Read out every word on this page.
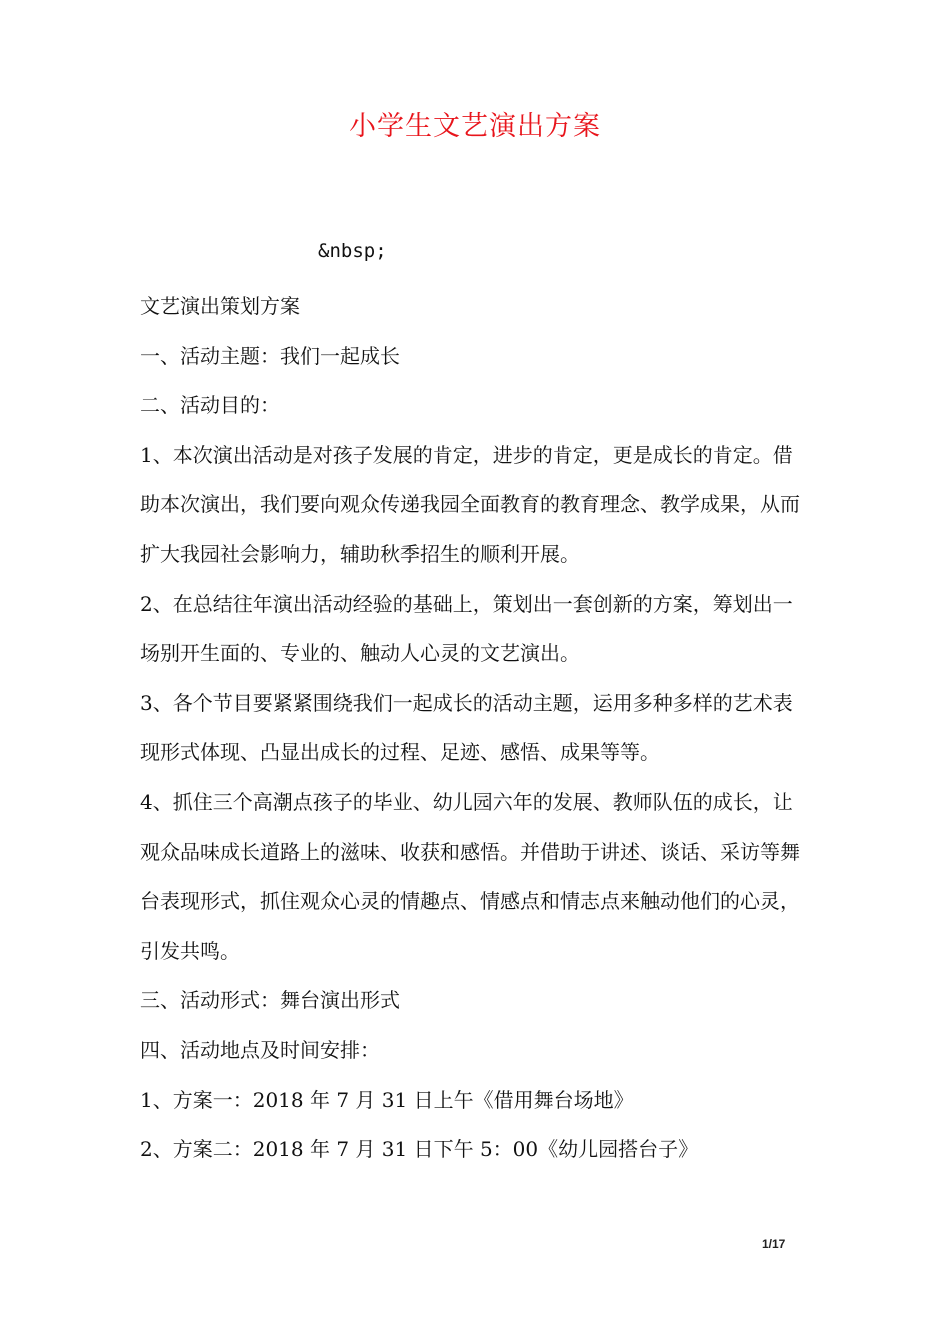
小学生文艺演出方案
&nbsp;

文艺演出策划方案

一、活动主题：我们一起成长

二、活动目的：

1、本次演出活动是对孩子发展的肯定，进步的肯定，更是成长的肯定。借助本次演出，我们要向观众传递我园全面教育的教育理念、教学成果，从而扩大我园社会影响力，辅助秋季招生的顺利开展。

2、在总结往年演出活动经验的基础上，策划出一套创新的方案，筹划出一场别开生面的、专业的、触动人心灵的文艺演出。

3、各个节目要紧紧围绕我们一起成长的活动主题，运用多种多样的艺术表现形式体现、凸显出成长的过程、足迹、感悟、成果等等。

4、抓住三个高潮点孩子的毕业、幼儿园六年的发展、教师队伍的成长，让观众品味成长道路上的滋味、收获和感悟。并借助于讲述、谈话、采访等舞台表现形式，抓住观众心灵的情趣点、情感点和情志点来触动他们的心灵，引发共鸣。

三、活动形式：舞台演出形式

四、活动地点及时间安排：

1、方案一：2018 年 7 月 31 日上午《借用舞台场地》

2、方案二：2018 年 7 月 31 日下午 5：00《幼儿园搭台子》

1/17
